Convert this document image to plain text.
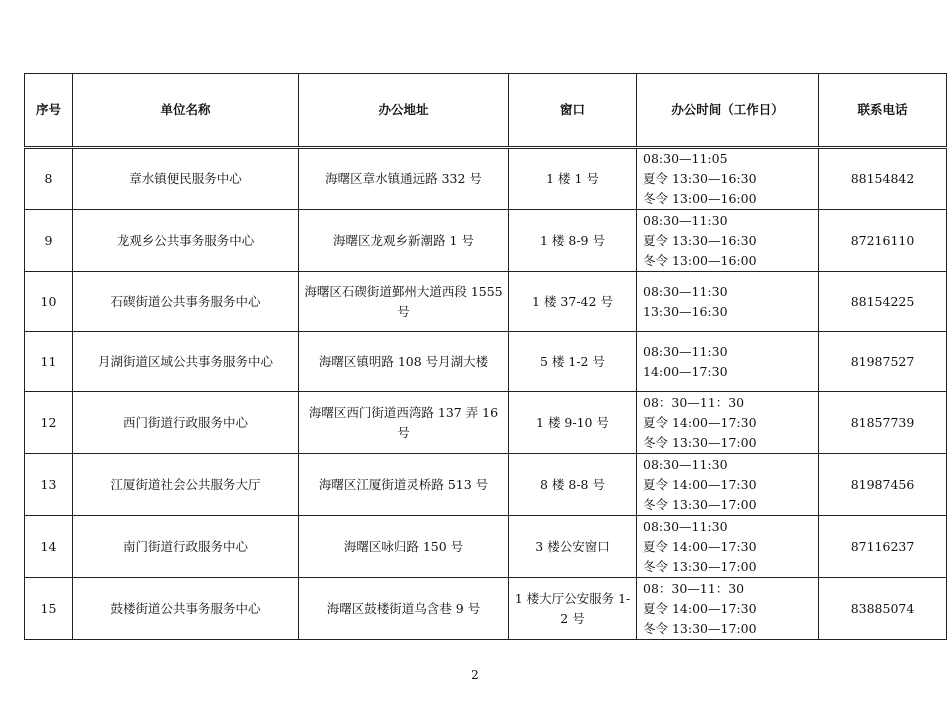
序号	单位名称	办公地址	窗口	办公时间（工作日）	联系电话
8	章水镇便民服务中心	海曙区章水镇通远路 332 号	1 楼 1 号	08:30—11:05
夏令 13:30—16:30
冬令 13:00—16:00	88154842
9	龙观乡公共事务服务中心	海曙区龙观乡新潮路 1 号	1 楼 8-9 号	08:30—11:30
夏令 13:30—16:30
冬令 13:00—16:00	87216110
10	石碶街道公共事务服务中心	海曙区石碶街道鄞州大道西段 1555 号	1 楼 37-42 号	08:30—11:30
13:30—16:30	88154225
11	月湖街道区域公共事务服务中心	海曙区镇明路 108 号月湖大楼	5 楼 1-2 号	08:30—11:30
14:00—17:30	81987527
12	西门街道行政服务中心	海曙区西门街道西湾路 137 弄 16 号	1 楼 9-10 号	08：30—11：30
夏令 14:00—17:30
冬令 13:30—17:00	81857739
13	江厦街道社会公共服务大厅	海曙区江厦街道灵桥路 513 号	8 楼 8-8 号	08:30—11:30
夏令 14:00—17:30
冬令 13:30—17:00	81987456
14	南门街道行政服务中心	海曙区咏归路 150 号	3 楼公安窗口	08:30—11:30
夏令 14:00—17:30
冬令 13:30—17:00	87116237
15	鼓楼街道公共事务服务中心	海曙区鼓楼街道乌含巷 9 号	1 楼大厅公安服务 1-2 号	08：30—11：30
夏令 14:00—17:30
冬令 13:30—17:00	83885074
2
